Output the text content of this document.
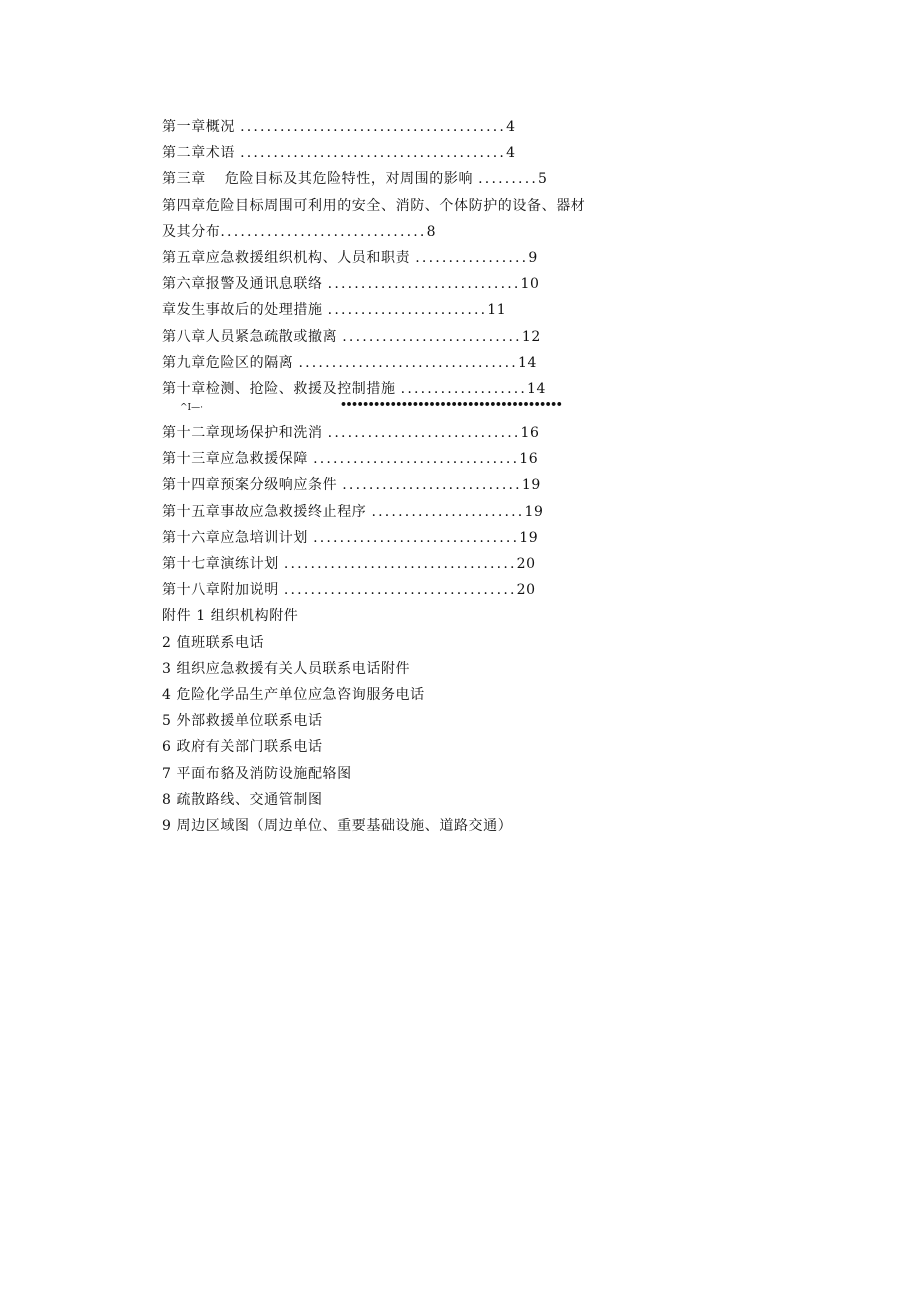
第一章概况 ........................................4
第二章术语 ........................................4
第三章 危险目标及其危险特性，对周围的影响 .........5
第四章危险目标周围可利用的安全、消防、个体防护的设备、器材
及其分布...............................8
第五章应急救援组织机构、人员和职责 .................9
第六章报警及通讯息联络 .............................10
章发生事故后的处理措施 ........................11
第八章人员紧急疏散或撤离 ...........................12
第九章危险区的隔离 .................................14
第十章检测、抢险、救援及控制措施 ...................14
^I—·	••••••••••••••••••••••••••••••••••••••••
第十二章现场保护和洗消 .............................16
第十三章应急救援保障 ...............................16
第十四章预案分级响应条件 ...........................19
第十五章事故应急救援终止程序 .......................19
第十六章应急培训计划 ...............................19
第十七章演练计划 ...................................20
第十八章附加说明 ...................................20
附件 1 组织机构附件
2 值班联系电话
3 组织应急救援有关人员联系电话附件
4 危险化学品生产单位应急咨询服务电话
5 外部救援单位联系电话
6 政府有关部门联系电话
7 平面布貉及消防设施配辂图
8 疏散路线、交通管制图
9 周边区域图（周边单位、重要基础设施、道路交通）
